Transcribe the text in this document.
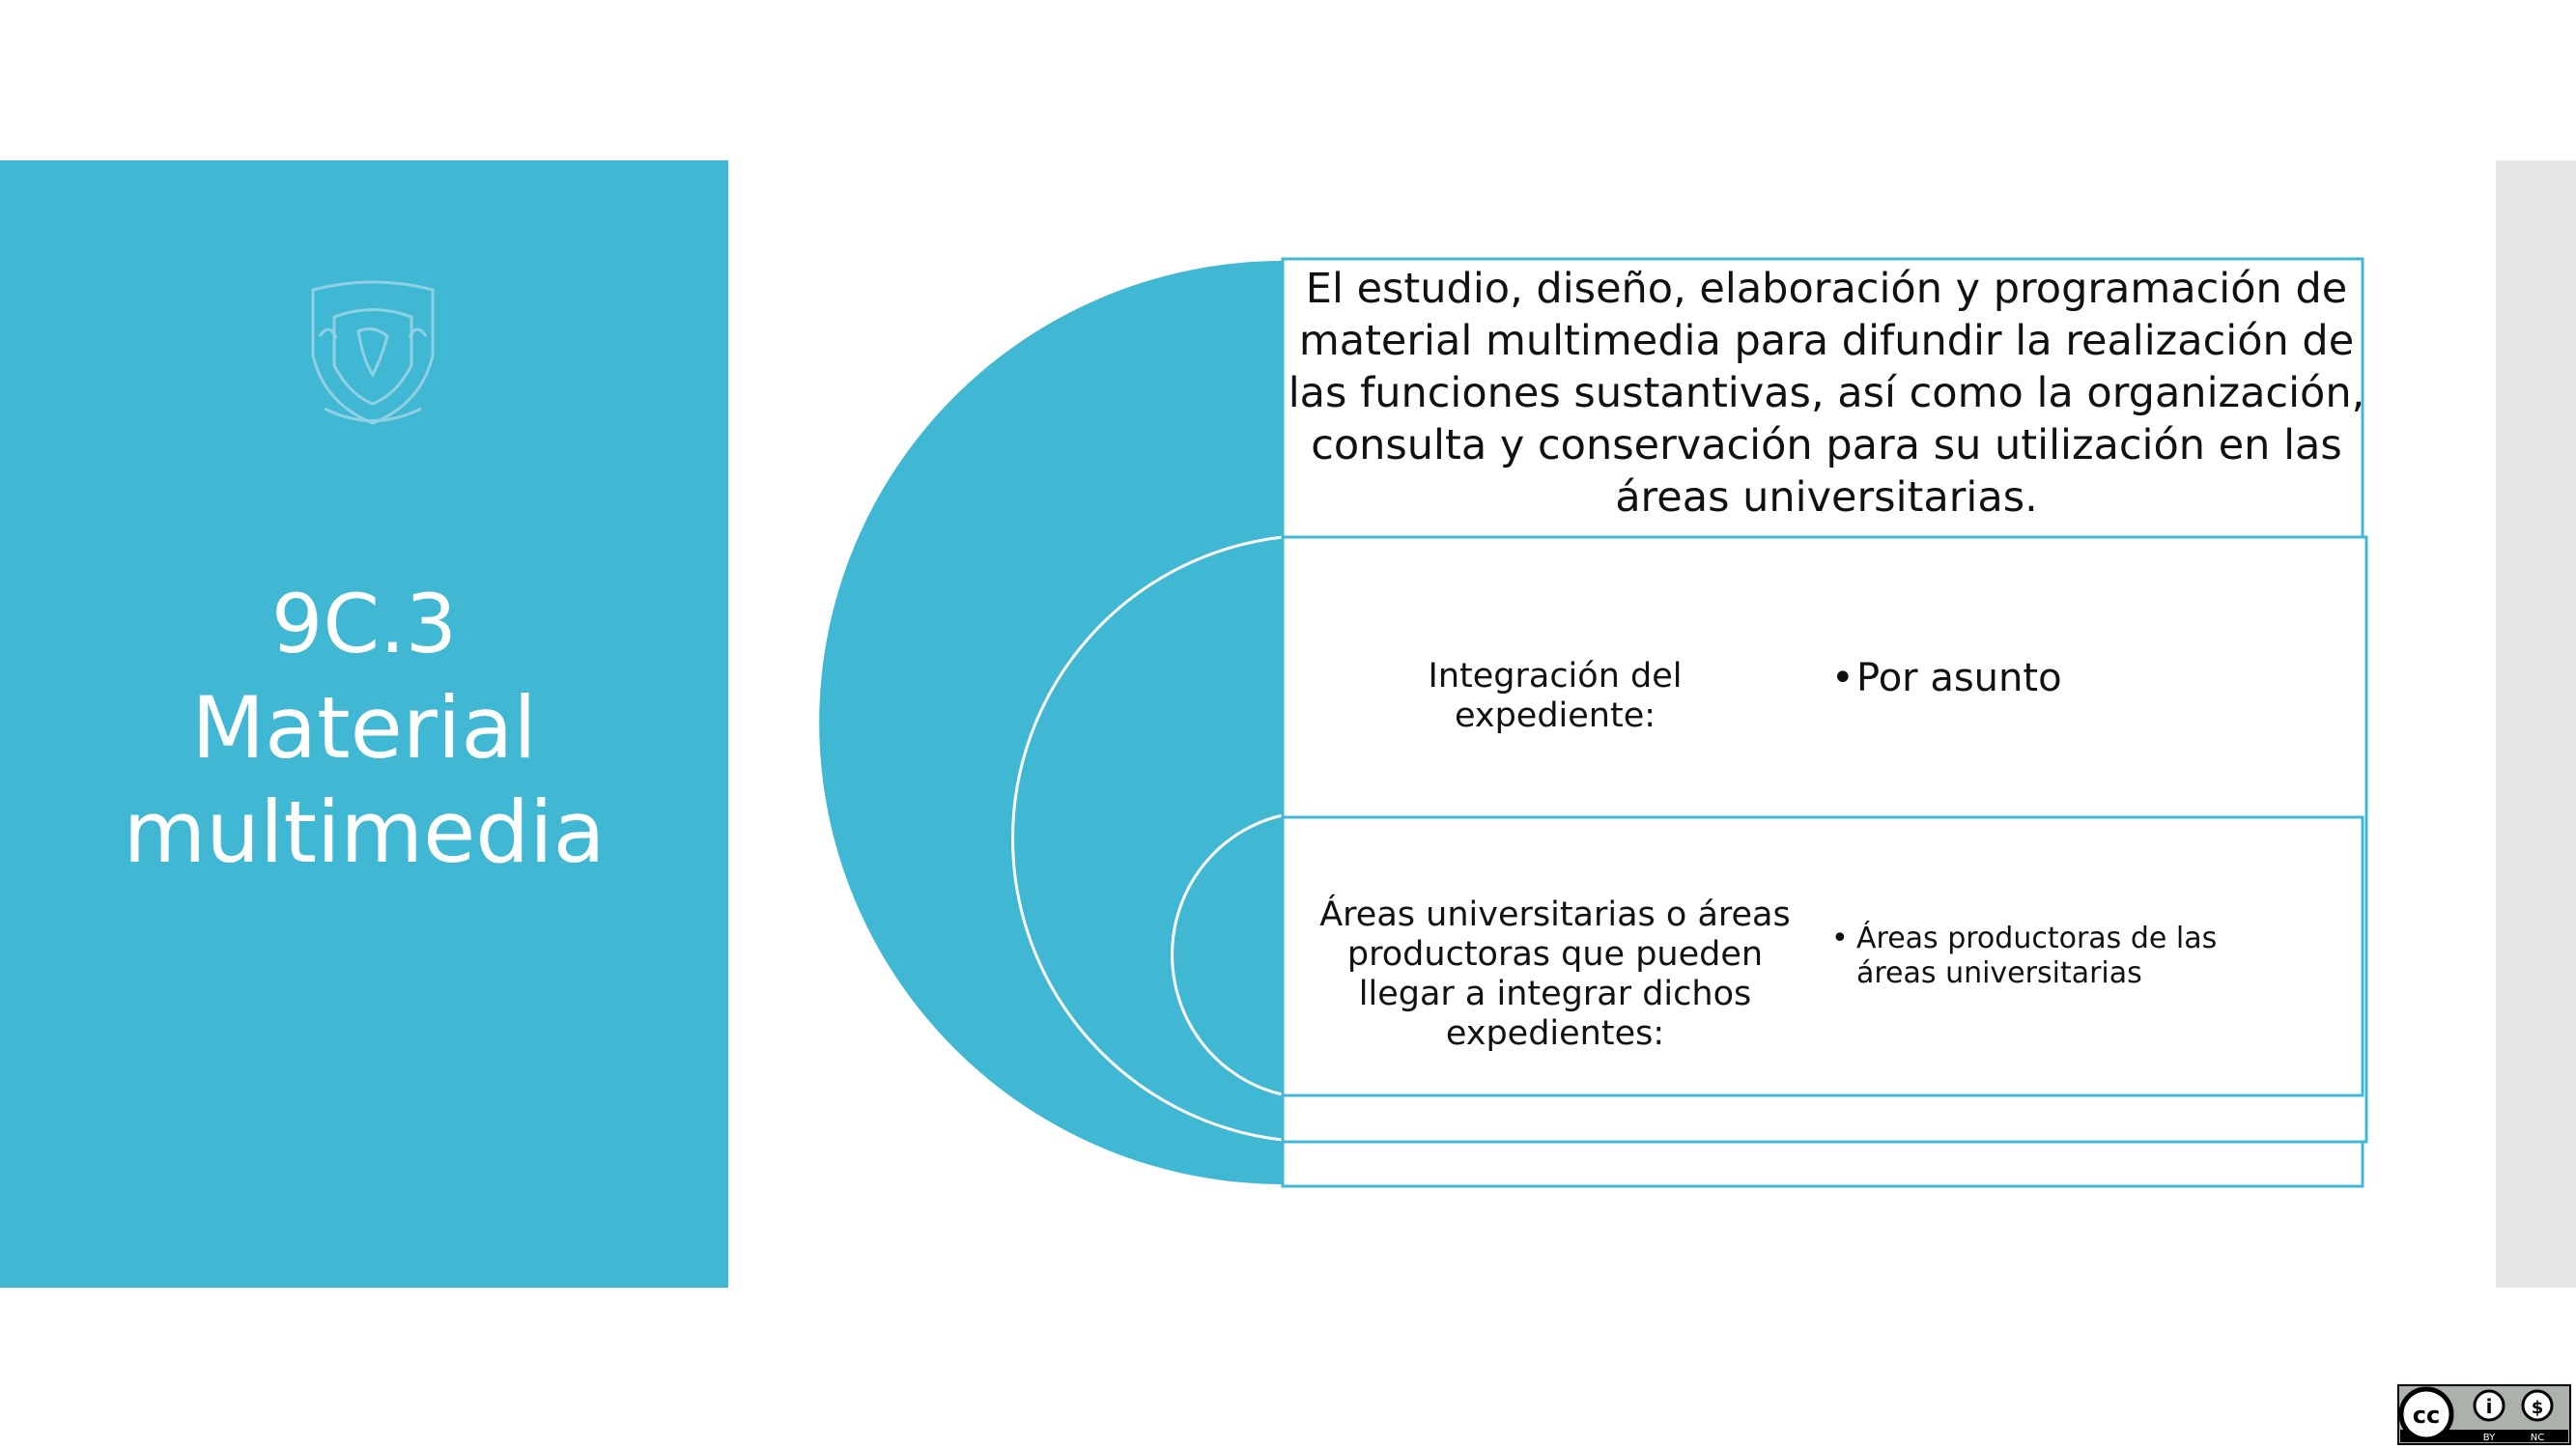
9C.3
Material
multimedia
El estudio, diseño, elaboración y programación de material multimedia para difundir la realización de las funciones sustantivas, así como la organización, consulta y conservación para su utilización en las áreas universitarias.
Integración del expediente:
•Por asunto
Áreas universitarias o áreas productoras que pueden llegar a integrar dichos expedientes:
• Áreas productoras de las áreas universitarias
cc i $
BY	NC
